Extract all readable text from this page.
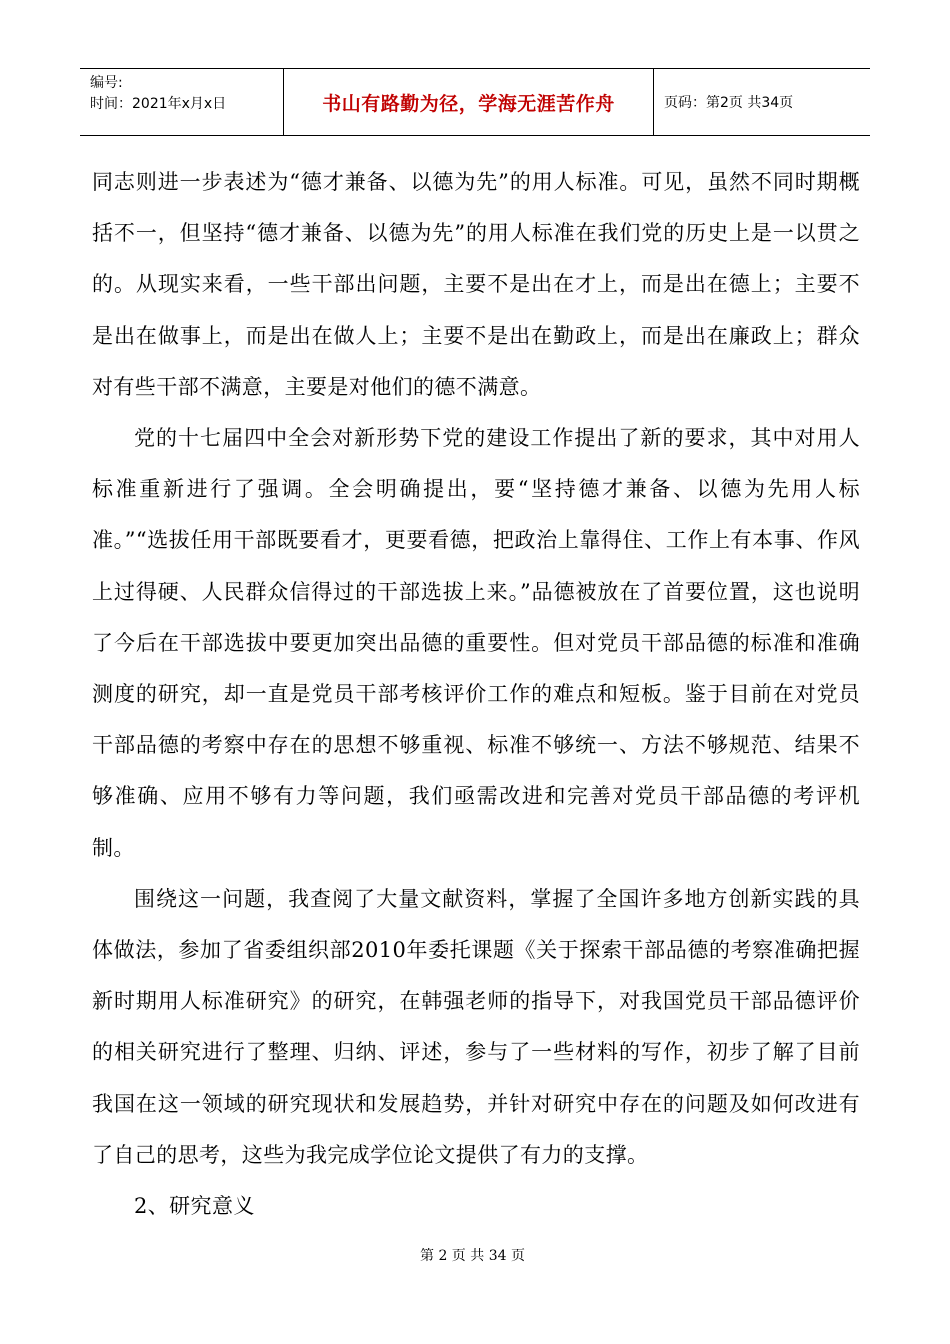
编号:
时间：2021年x月x日	书山有路勤为径，学海无涯苦作舟	页码：第2页 共34页

同志则进一步表述为“德才兼备、以德为先”的用人标准。可见，虽然不同时期概括不一，但坚持“德才兼备、以德为先”的用人标准在我们党的历史上是一以贯之的。从现实来看，一些干部出问题，主要不是出在才上，而是出在德上；主要不是出在做事上，而是出在做人上；主要不是出在勤政上，而是出在廉政上；群众对有些干部不满意，主要是对他们的德不满意。

党的十七届四中全会对新形势下党的建设工作提出了新的要求，其中对用人标准重新进行了强调。全会明确提出，要“坚持德才兼备、以德为先用人标准。”“选拔任用干部既要看才，更要看德，把政治上靠得住、工作上有本事、作风上过得硬、人民群众信得过的干部选拔上来。”品德被放在了首要位置，这也说明了今后在干部选拔中要更加突出品德的重要性。但对党员干部品德的标准和准确测度的研究，却一直是党员干部考核评价工作的难点和短板。鉴于目前在对党员干部品德的考察中存在的思想不够重视、标准不够统一、方法不够规范、结果不够准确、应用不够有力等问题，我们亟需改进和完善对党员干部品德的考评机制。

围绕这一问题，我查阅了大量文献资料，掌握了全国许多地方创新实践的具体做法，参加了省委组织部2010年委托课题《关于探索干部品德的考察准确把握新时期用人标准研究》的研究，在韩强老师的指导下，对我国党员干部品德评价的相关研究进行了整理、归纳、评述，参与了一些材料的写作，初步了解了目前我国在这一领域的研究现状和发展趋势，并针对研究中存在的问题及如何改进有了自己的思考，这些为我完成学位论文提供了有力的支撑。

2、研究意义

第 2 页 共 34 页
